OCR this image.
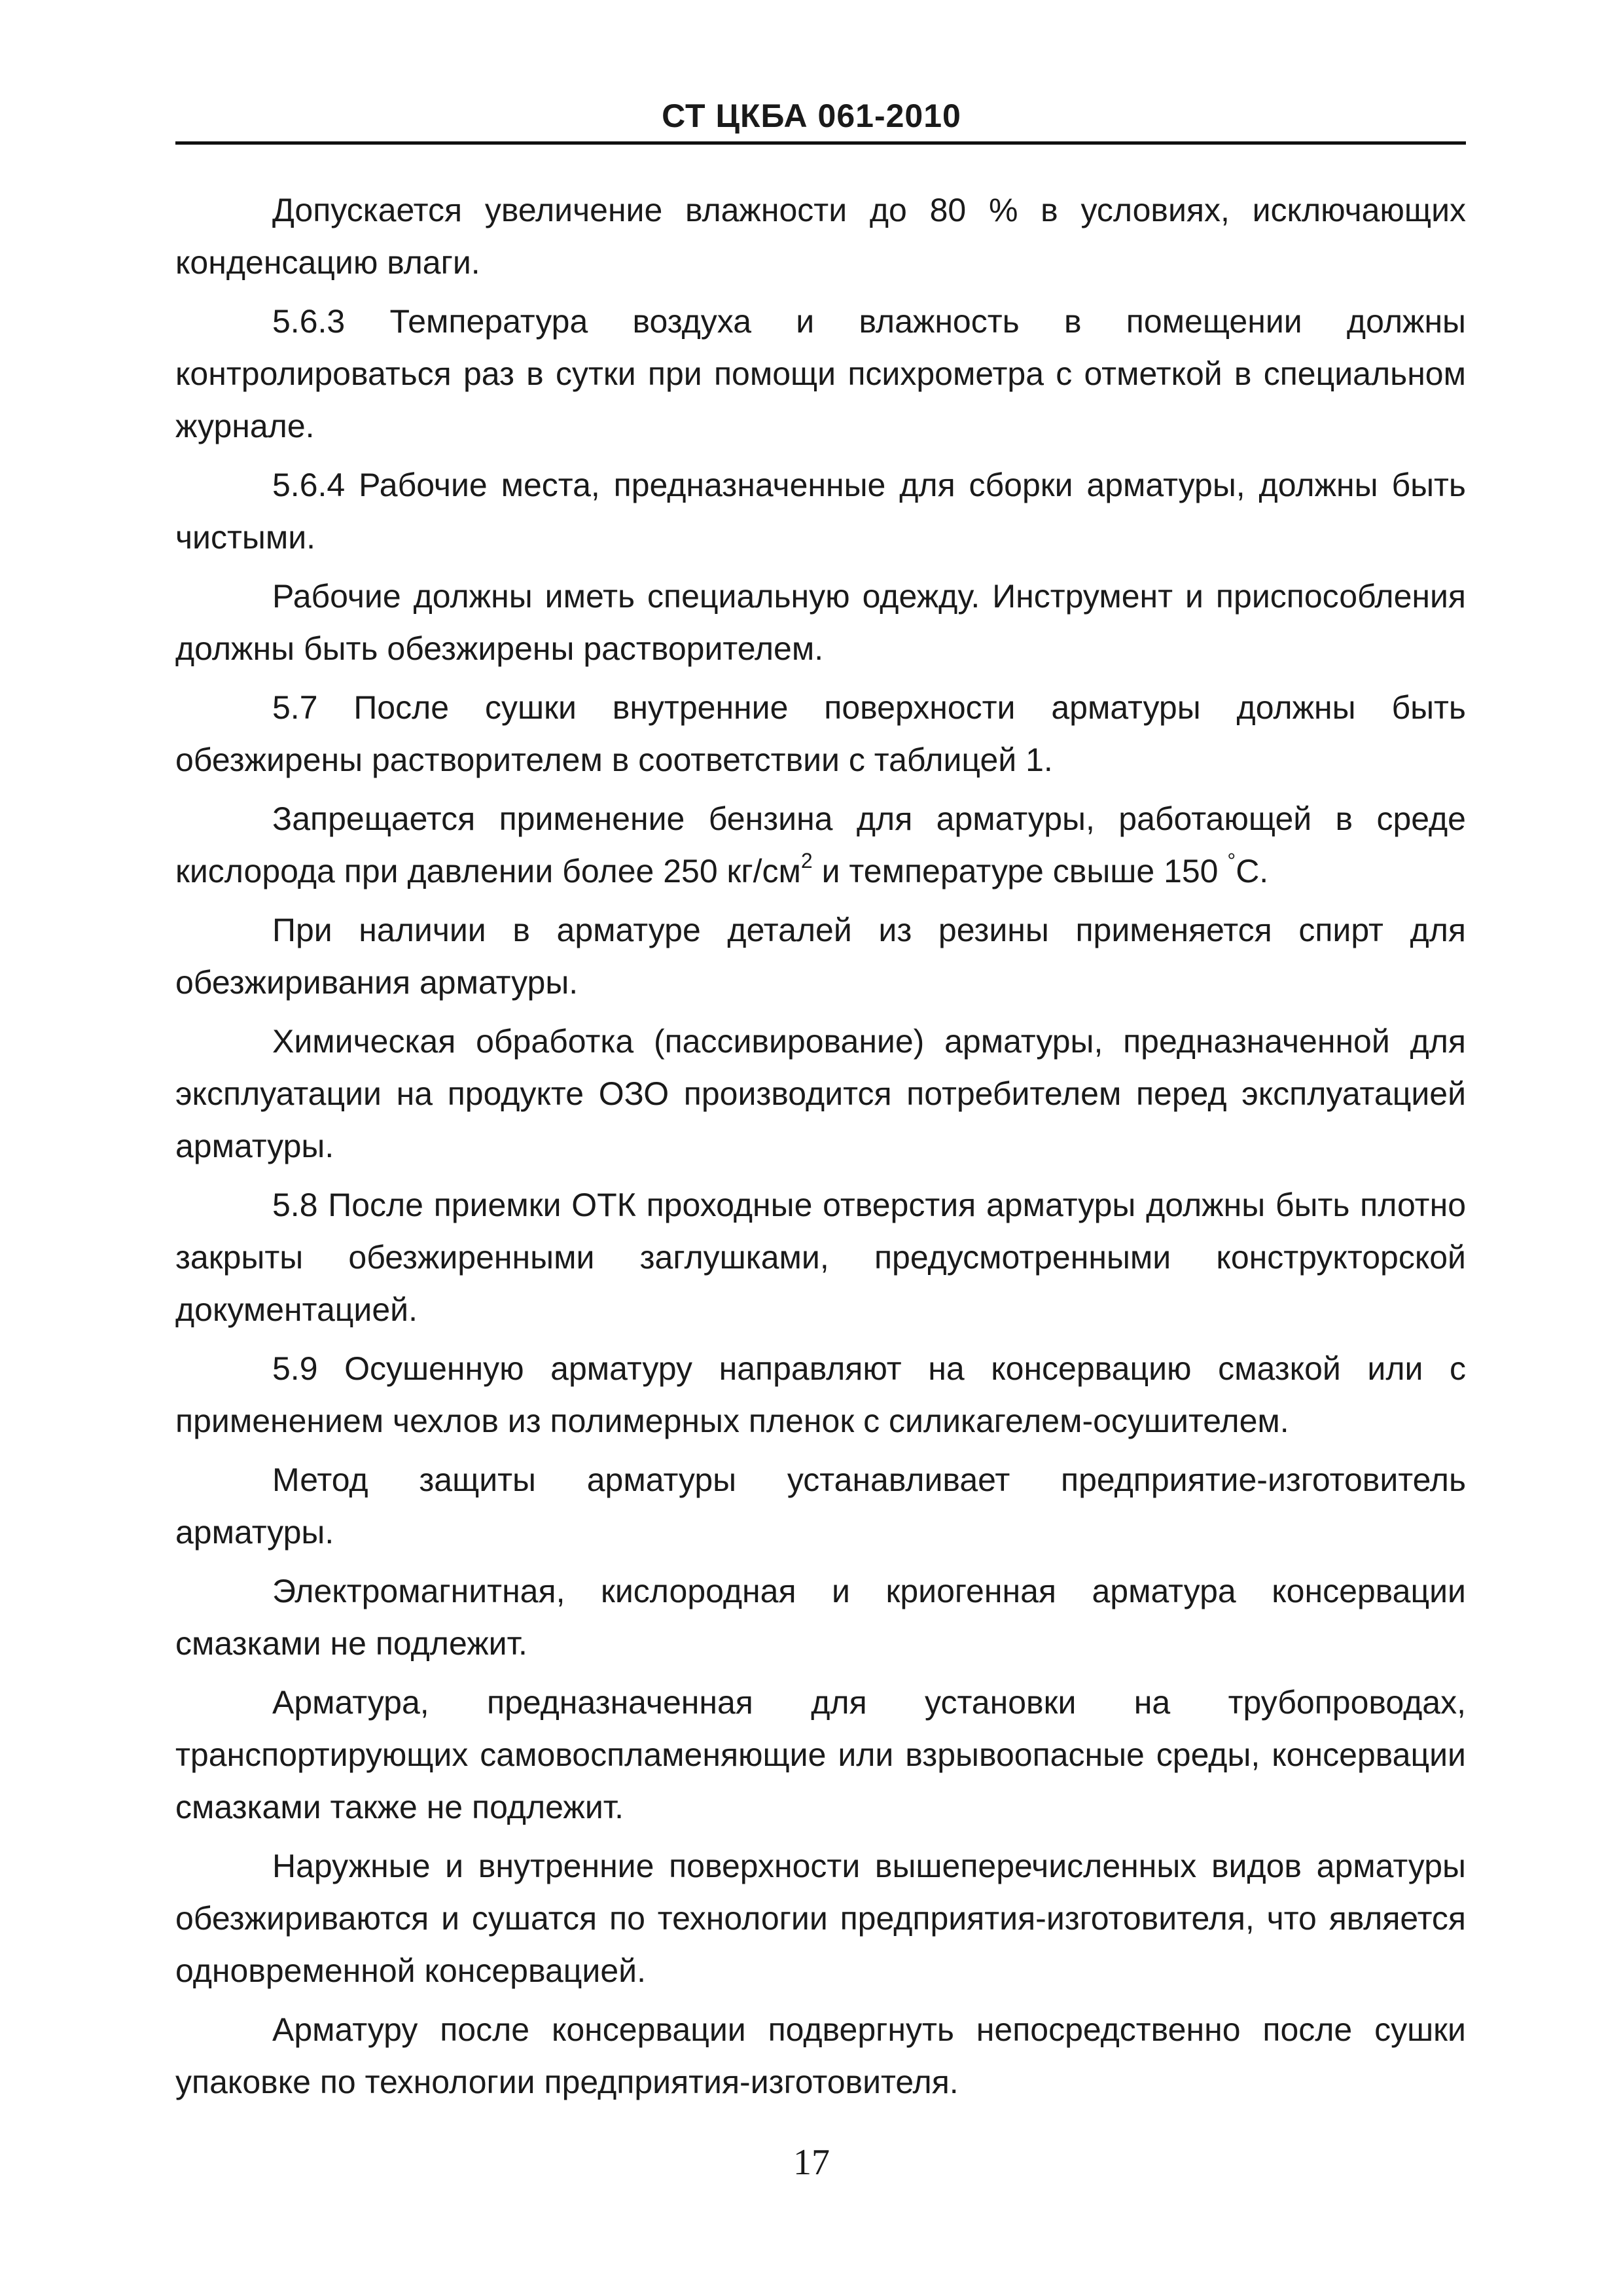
СТ ЦКБА 061-2010

Допускается увеличение влажности до 80 % в условиях, исключающих конденсацию влаги.

5.6.3 Температура воздуха и влажность в помещении должны контролироваться раз в сутки при помощи психрометра с отметкой в специальном журнале.

5.6.4 Рабочие места, предназначенные для сборки арматуры, должны быть чистыми.

Рабочие должны иметь специальную одежду. Инструмент и приспособления должны быть обезжирены растворителем.

5.7 После сушки внутренние поверхности арматуры должны быть обезжирены растворителем в соответствии с таблицей 1.

Запрещается применение бензина для арматуры, работающей в среде кислорода при давлении более 250 $кг/см^2$ и температуре свыше 150 °С.

При наличии в арматуре деталей из резины применяется спирт для обезжиривания арматуры.

Химическая обработка (пассивирование) арматуры, предназначенной для эксплуатации на продукте ОЗО производится потребителем перед эксплуатацией арматуры.

5.8 После приемки ОТК проходные отверстия арматуры должны быть плотно закрыты обезжиренными заглушками, предусмотренными конструкторской документацией.

5.9 Осушенную арматуру направляют на консервацию смазкой или с применением чехлов из полимерных пленок с силикагелем-осушителем.

Метод защиты арматуры устанавливает предприятие-изготовитель арматуры.

Электромагнитная, кислородная и криогенная арматура консервации смазками не подлежит.

Арматура, предназначенная для установки на трубопроводах, транспортирующих самовоспламеняющие или взрывоопасные среды, консервации смазками также не подлежит.

Наружные и внутренние поверхности вышеперечисленных видов арматуры обезжириваются и сушатся по технологии предприятия-изготовителя, что является одновременной консервацией.

Арматуру после консервации подвергнуть непосредственно после сушки упаковке по технологии предприятия-изготовителя.

17
